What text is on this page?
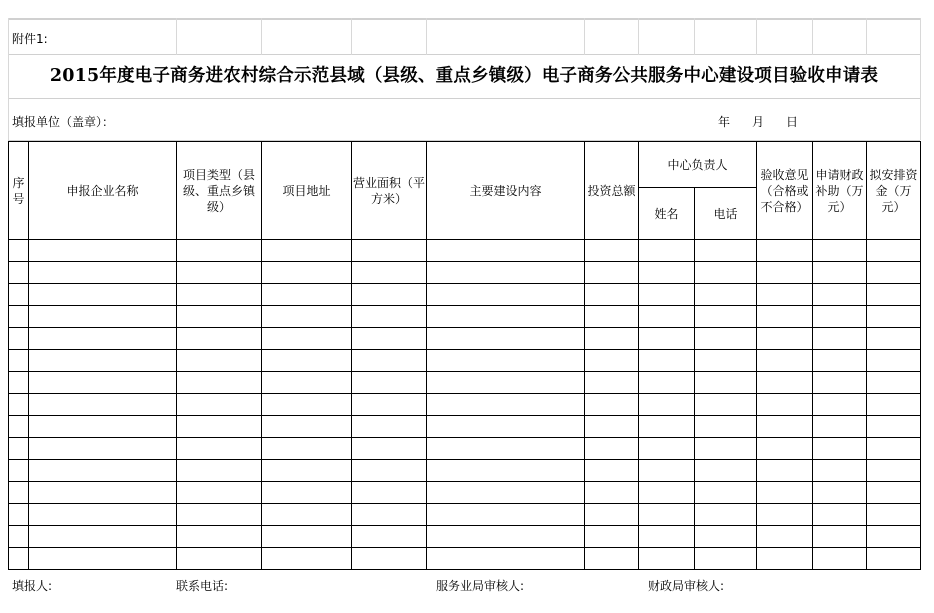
附件1:
2015年度电子商务进农村综合示范县域（县级、重点乡镇级）电子商务公共服务中心建设项目验收申请表
填报单位（盖章）：	年 月 日
序号	申报企业名称	项目类型（县级、重点乡镇级）	项目地址	营业面积（平方米）	主要建设内容	投资总额	中心负责人		验收意见（合格或不合格）	申请财政补助（万元）	拟安排资金（万元）
							姓名	电话			

填报人:	联系电话:	服务业局审核人:	财政局审核人:
